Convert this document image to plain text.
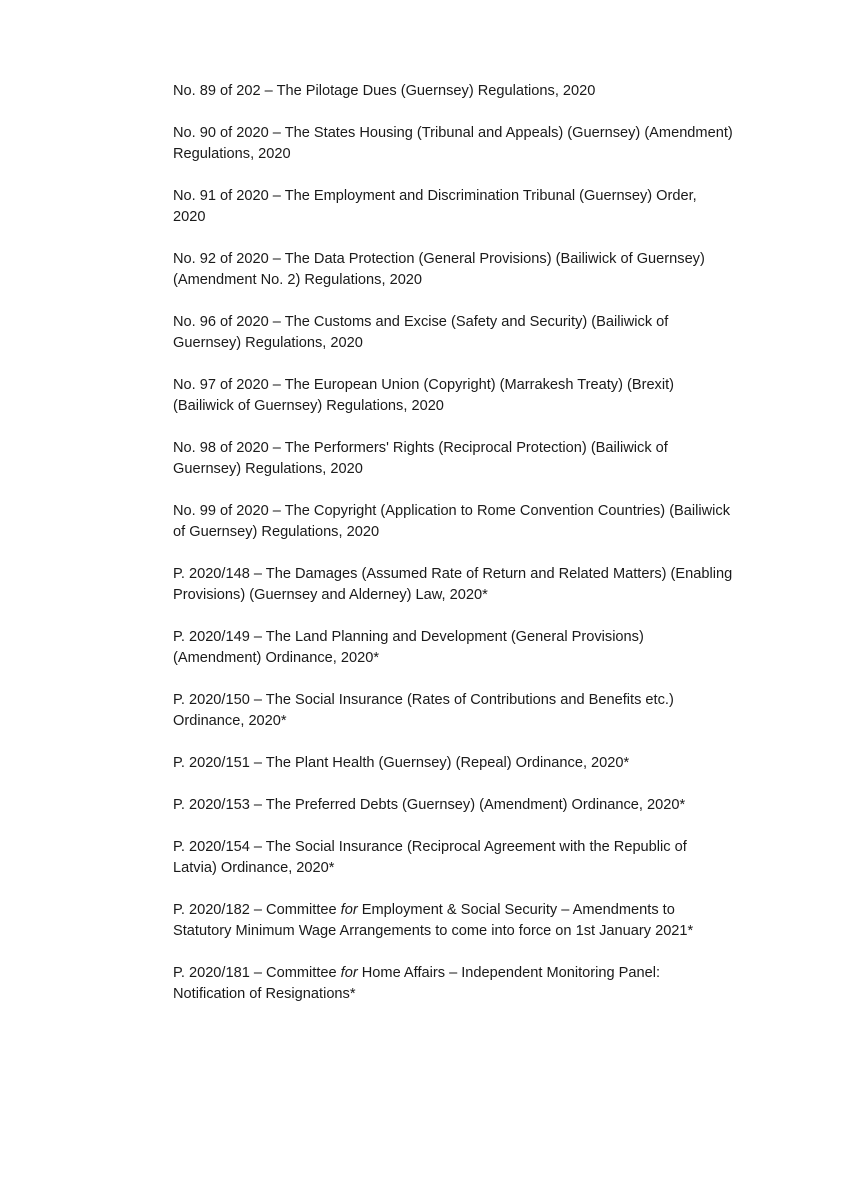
No. 89 of 202 – The Pilotage Dues (Guernsey) Regulations, 2020
No. 90 of 2020 – The States Housing (Tribunal and Appeals) (Guernsey) (Amendment) Regulations, 2020
No. 91 of 2020 – The Employment and Discrimination Tribunal (Guernsey) Order, 2020
No. 92 of 2020 – The Data Protection (General Provisions) (Bailiwick of Guernsey) (Amendment No. 2) Regulations, 2020
No. 96 of 2020 – The Customs and Excise (Safety and Security) (Bailiwick of Guernsey) Regulations, 2020
No. 97 of 2020 – The European Union (Copyright) (Marrakesh Treaty) (Brexit) (Bailiwick of Guernsey) Regulations, 2020
No. 98 of 2020 – The Performers' Rights (Reciprocal Protection) (Bailiwick of Guernsey) Regulations, 2020
No. 99 of 2020 – The Copyright (Application to Rome Convention Countries) (Bailiwick of Guernsey) Regulations, 2020
P. 2020/148 – The Damages (Assumed Rate of Return and Related Matters) (Enabling Provisions) (Guernsey and Alderney) Law, 2020*
P. 2020/149 – The Land Planning and Development (General Provisions) (Amendment) Ordinance, 2020*
P. 2020/150 – The Social Insurance (Rates of Contributions and Benefits etc.) Ordinance, 2020*
P. 2020/151 – The Plant Health (Guernsey) (Repeal) Ordinance, 2020*
P. 2020/153 – The Preferred Debts (Guernsey) (Amendment) Ordinance, 2020*
P. 2020/154 – The Social Insurance (Reciprocal Agreement with the Republic of Latvia) Ordinance, 2020*
P. 2020/182 – Committee for Employment & Social Security – Amendments to Statutory Minimum Wage Arrangements to come into force on 1st January 2021*
P. 2020/181 – Committee for Home Affairs – Independent Monitoring Panel: Notification of Resignations*
